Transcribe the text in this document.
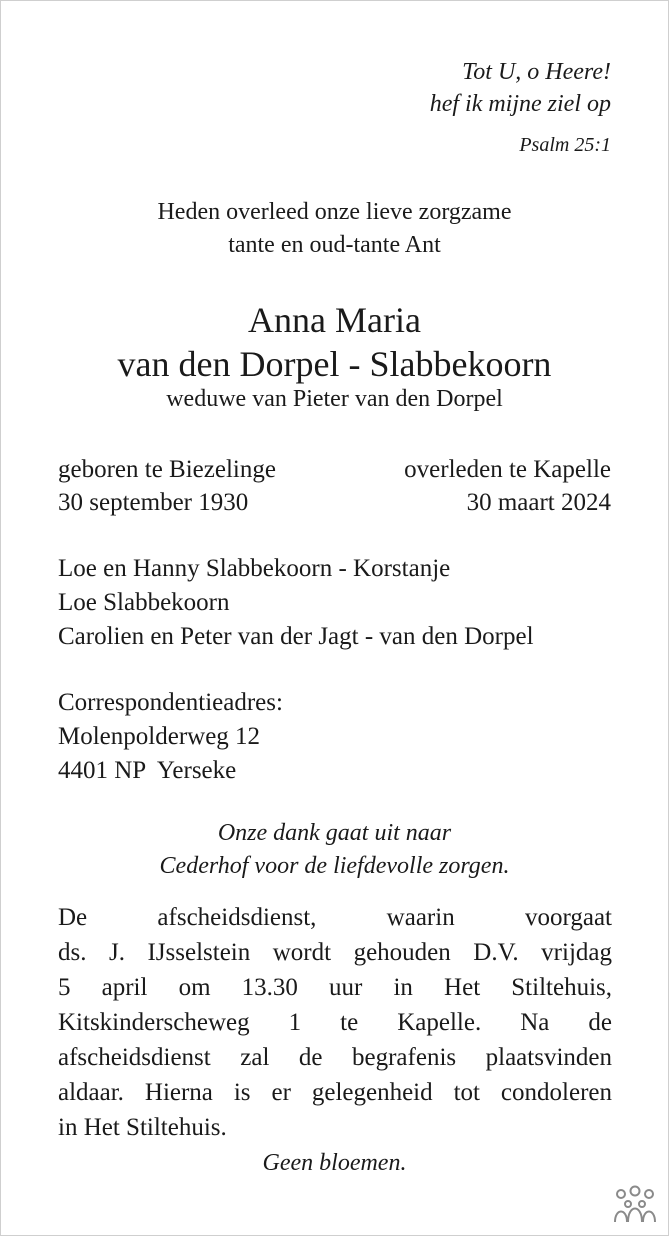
Tot U, o Heere!
hef ik mijne ziel op
Psalm 25:1
Heden overleed onze lieve zorgzame
tante en oud-tante Ant
Anna Maria
van den Dorpel - Slabbekoorn
weduwe van Pieter van den Dorpel
geboren te Biezelinge	overleden te Kapelle
30 september 1930	30 maart 2024
Loe en Hanny Slabbekoorn - Korstanje
Loe Slabbekoorn
Carolien en Peter van der Jagt - van den Dorpel
Correspondentieadres:
Molenpolderweg 12
4401 NP  Yerseke
Onze dank gaat uit naar
Cederhof voor de liefdevolle zorgen.
De afscheidsdienst, waarin voorgaat
ds. J. IJsselstein wordt gehouden D.V. vrijdag
5 april om 13.30 uur in Het Stiltehuis,
Kitskinderscheweg 1 te Kapelle. Na de
afscheidsdienst zal de begrafenis plaatsvinden
aldaar. Hierna is er gelegenheid tot condoleren
in Het Stiltehuis.
Geen bloemen.
